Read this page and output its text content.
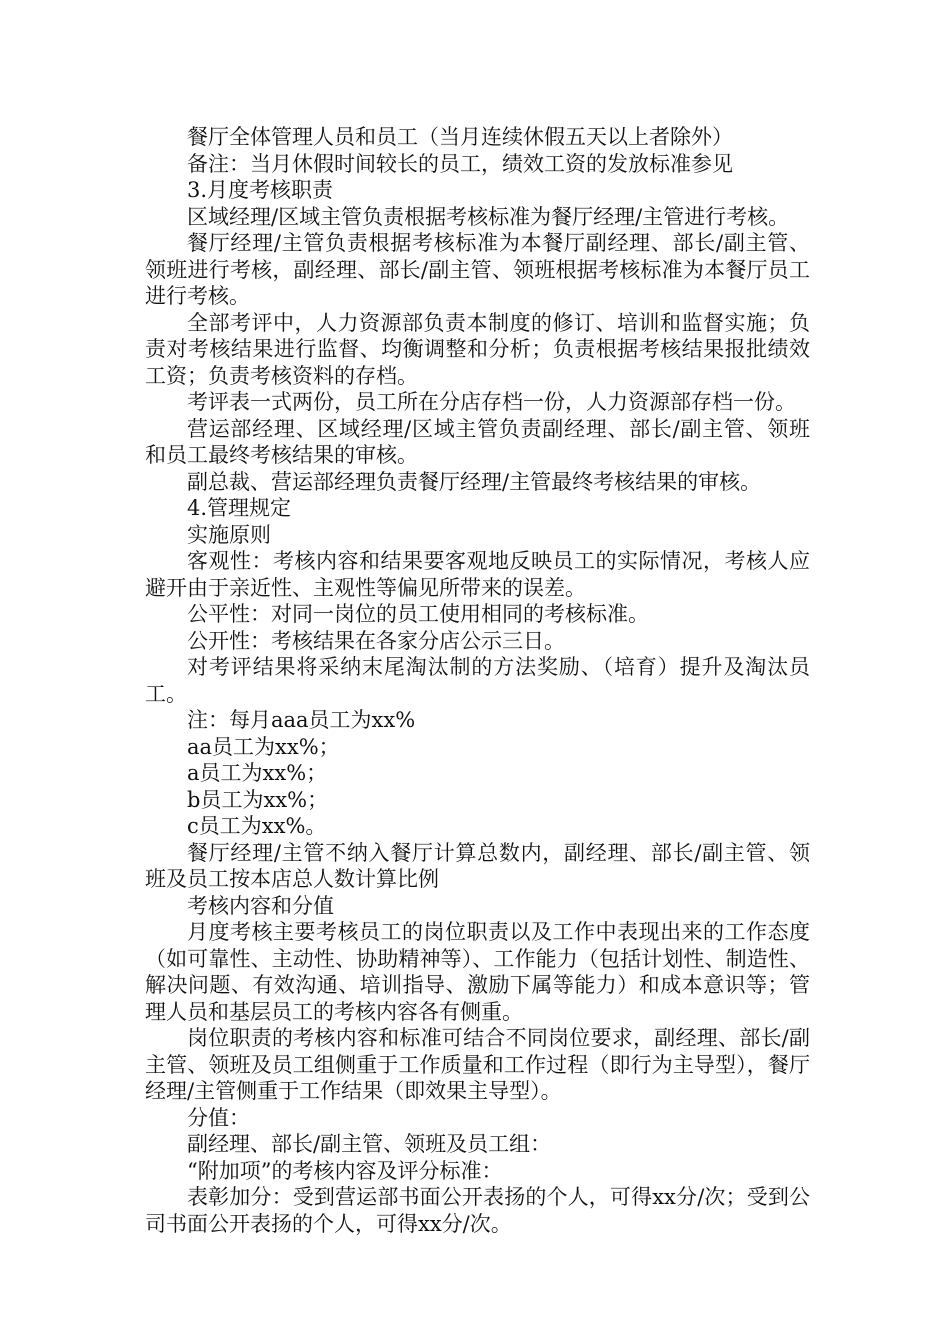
餐厅全体管理人员和员工（当月连续休假五天以上者除外）

备注：当月休假时间较长的员工，绩效工资的发放标准参见

3.月度考核职责

区域经理/区域主管负责根据考核标准为餐厅经理/主管进行考核。

餐厅经理/主管负责根据考核标准为本餐厅副经理、部长/副主管、领班进行考核，副经理、部长/副主管、领班根据考核标准为本餐厅员工进行考核。

全部考评中，人力资源部负责本制度的修订、培训和监督实施；负责对考核结果进行监督、均衡调整和分析；负责根据考核结果报批绩效工资；负责考核资料的存档。

考评表一式两份，员工所在分店存档一份，人力资源部存档一份。

营运部经理、区域经理/区域主管负责副经理、部长/副主管、领班和员工最终考核结果的审核。

副总裁、营运部经理负责餐厅经理/主管最终考核结果的审核。

4.管理规定

实施原则

客观性：考核内容和结果要客观地反映员工的实际情况，考核人应避开由于亲近性、主观性等偏见所带来的误差。

公平性：对同一岗位的员工使用相同的考核标准。

公开性：考核结果在各家分店公示三日。

对考评结果将采纳末尾淘汰制的方法奖励、（培育）提升及淘汰员工。

注：每月aaa员工为xx%

aa员工为xx%；

a员工为xx%；

b员工为xx%；

c员工为xx%。

餐厅经理/主管不纳入餐厅计算总数内，副经理、部长/副主管、领班及员工按本店总人数计算比例

考核内容和分值

月度考核主要考核员工的岗位职责以及工作中表现出来的工作态度（如可靠性、主动性、协助精神等）、工作能力（包括计划性、制造性、解决问题、有效沟通、培训指导、激励下属等能力）和成本意识等；管理人员和基层员工的考核内容各有侧重。

岗位职责的考核内容和标准可结合不同岗位要求，副经理、部长/副主管、领班及员工组侧重于工作质量和工作过程（即行为主导型），餐厅经理/主管侧重于工作结果（即效果主导型）。

分值：

副经理、部长/副主管、领班及员工组：

“附加项”的考核内容及评分标准：

表彰加分：受到营运部书面公开表扬的个人，可得xx分/次；受到公司书面公开表扬的个人，可得xx分/次。
